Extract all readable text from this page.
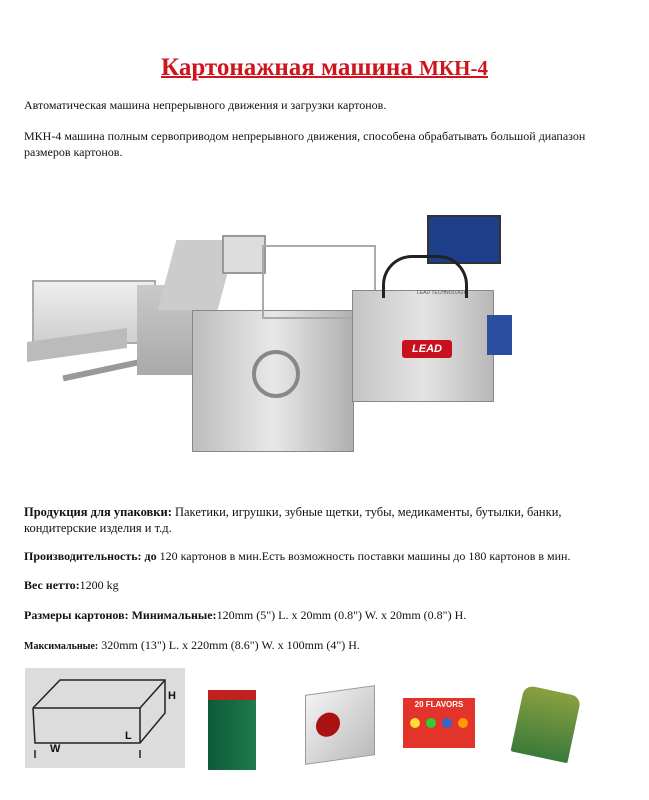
Картонажная машина МКН-4
Автоматическая машина непрерывного движения и загрузки картонов.
МКН-4 машина полным сервоприводом непрерывного движения, способена обрабатывать большой диапазон размеров картонов.
LEAD
LEAD TECHNOLOGY
Продукция для упаковки: Пакетики, игрушки, зубные щетки, тубы, медикаменты, бутылки, банки, кондитерские изделия и т.д.
Производительность: до 120 картонов в мин.Есть возможность поставки машины до 180 картонов в мин.
Вес нетто:1200 kg
Размеры картонов: Минимальные:120mm (5") L. x 20mm (0.8") W. x 20mm (0.8") H.
Максимальные: 320mm (13") L. x 220mm (8.6") W. x 100mm (4") H.
H
L
W
20 FLAVORS
